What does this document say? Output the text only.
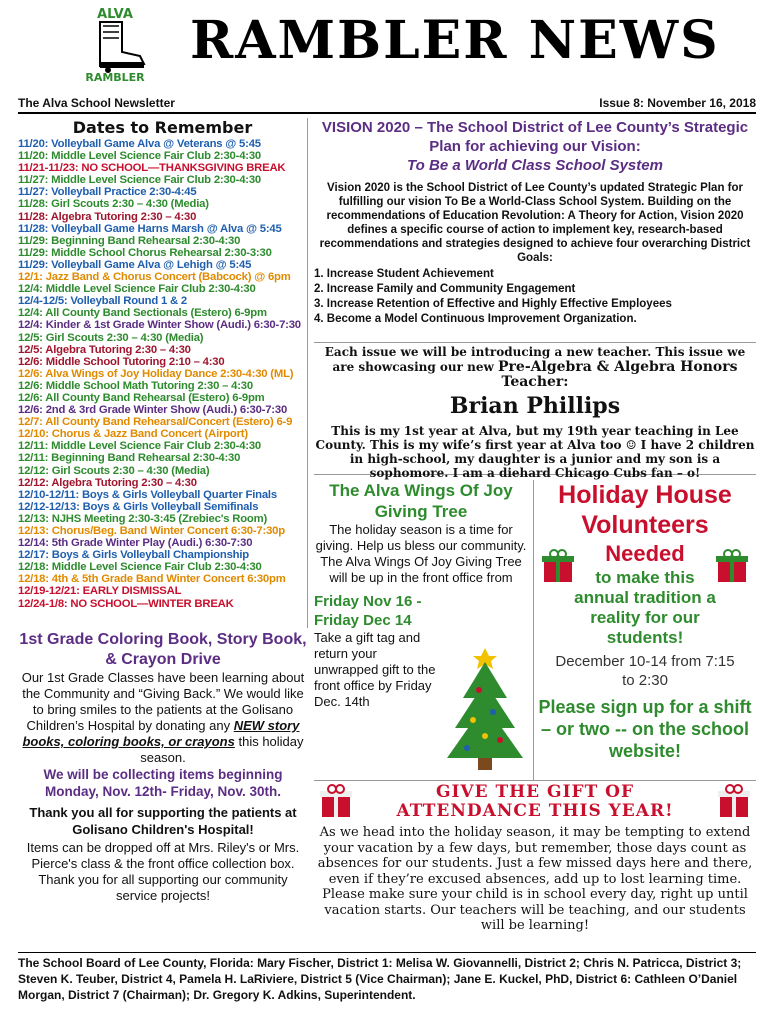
ALVA
RAMBLER
RAMBLER NEWS
The Alva School Newsletter	Issue 8: November 16, 2018
Dates to Remember
11/20: Volleyball Game Alva @ Veterans @ 5:45
11/20: Middle Level Science Fair Club 2:30-4:30
11/21-11/23: NO SCHOOL—THANKSGIVING BREAK
11/27: Middle Level Science Fair Club 2:30-4:30
11/27: Volleyball Practice 2:30-4:45
11/28: Girl Scouts 2:30 – 4:30 (Media)
11/28: Algebra Tutoring 2:30 – 4:30
11/28: Volleyball Game Harns Marsh @ Alva @ 5:45
11/29: Beginning Band Rehearsal 2:30-4:30
11/29: Middle School Chorus Rehearsal 2:30-3:30
11/29: Volleyball Game Alva @ Lehigh @ 5:45
12/1: Jazz Band & Chorus Concert (Babcock) @ 6pm
12/4: Middle Level Science Fair Club 2:30-4:30
12/4-12/5: Volleyball Round 1 & 2
12/4: All County Band Sectionals (Estero) 6-9pm
12/4: Kinder & 1st Grade Winter Show (Audi.) 6:30-7:30
12/5: Girl Scouts 2:30 – 4:30 (Media)
12/5: Algebra Tutoring 2:30 – 4:30
12/6: Middle School Tutoring 2:10 – 4:30
12/6: Alva Wings of Joy Holiday Dance 2:30-4:30 (ML)
12/6: Middle School Math Tutoring 2:30 – 4:30
12/6: All County Band Rehearsal (Estero) 6-9pm
12/6: 2nd & 3rd Grade Winter Show (Audi.) 6:30-7:30
12/7: All County Band Rehearsal/Concert (Estero) 6-9
12/10: Chorus & Jazz Band Concert (Airport)
12/11: Middle Level Science Fair Club 2:30-4:30
12/11: Beginning Band Rehearsal 2:30-4:30
12/12: Girl Scouts 2:30 – 4:30 (Media)
12/12: Algebra Tutoring 2:30 – 4:30
12/10-12/11: Boys & Girls Volleyball Quarter Finals
12/12-12/13: Boys & Girls Volleyball Semifinals
12/13: NJHS Meeting 2:30-3:45 (Zrebiec's Room)
12/13: Chorus/Beg. Band Winter Concert 6:30-7:30p
12/14: 5th Grade Winter Play (Audi.) 6:30-7:30
12/17: Boys & Girls Volleyball Championship
12/18: Middle Level Science Fair Club 2:30-4:30
12/18: 4th & 5th Grade Band Winter Concert 6:30pm
12/19-12/21: EARLY DISMISSAL
12/24-1/8: NO SCHOOL—WINTER BREAK
1st Grade Coloring Book, Story Book, & Crayon Drive

Our 1st Grade Classes have been learning about the Community and “Giving Back.” We would like to bring smiles to the patients at the Golisano Children’s Hospital by donating any NEW story books, coloring books, or crayons this holiday season.

We will be collecting items beginning Monday, Nov. 12th- Friday, Nov. 30th.

Thank you all for supporting the patients at Golisano Children's Hospital!

Items can be dropped off at Mrs. Riley's or Mrs. Pierce's class & the front office collection box. Thank you for all supporting our community service projects!

VISION 2020 – The School District of Lee County’s Strategic Plan for achieving our Vision:
To Be a World Class School System

Vision 2020 is the School District of Lee County’s updated Strategic Plan for fulfilling our vision To Be a World-Class School System. Building on the recommendations of Education Revolution: A Theory for Action, Vision 2020 defines a specific course of action to implement key, research-based recommendations and strategies designed to achieve four overarching District Goals:

1. Increase Student Achievement
2. Increase Family and Community Engagement
3. Increase Retention of Effective and Highly Effective Employees
4. Become a Model Continuous Improvement Organization.

Each issue we will be introducing a new teacher. This issue we are showcasing our new Pre-Algebra & Algebra Honors Teacher:

Brian Phillips

This is my 1st year at Alva, but my 19th year teaching in Lee County. This is my wife’s first year at Alva too ☺ I have 2 children in high-school, my daughter is a junior and my son is a sophomore. I am a diehard Chicago Cubs fan – o!

The Alva Wings Of Joy Giving Tree

The holiday season is a time for giving. Help us bless our community. The Alva Wings Of Joy Giving Tree will be up in the front office from

Friday Nov 16 - Friday Dec 14

Take a gift tag and return your unwrapped gift to the front office by Friday Dec. 14th

Holiday House Volunteers
Needed

to make this annual tradition a reality for our students!

December 10-14 from 7:15 to 2:30

Please sign up for a shift – or two -- on the school website!

GIVE THE GIFT OF ATTENDANCE THIS YEAR!

As we head into the holiday season, it may be tempting to extend your vacation by a few days, but remember, those days count as absences for our students. Just a few missed days here and there, even if they’re excused absences, add up to lost learning time. Please make sure your child is in school every day, right up until vacation starts. Our teachers will be teaching, and our students will be learning!

The School Board of Lee County, Florida: Mary Fischer, District 1: Melisa W. Giovannelli, District 2; Chris N. Patricca, District 3; Steven K. Teuber, District 4, Pamela H. LaRiviere, District 5 (Vice Chairman); Jane E. Kuckel, PhD, District 6: Cathleen O’Daniel Morgan, District 7 (Chairman); Dr. Gregory K. Adkins, Superintendent.
